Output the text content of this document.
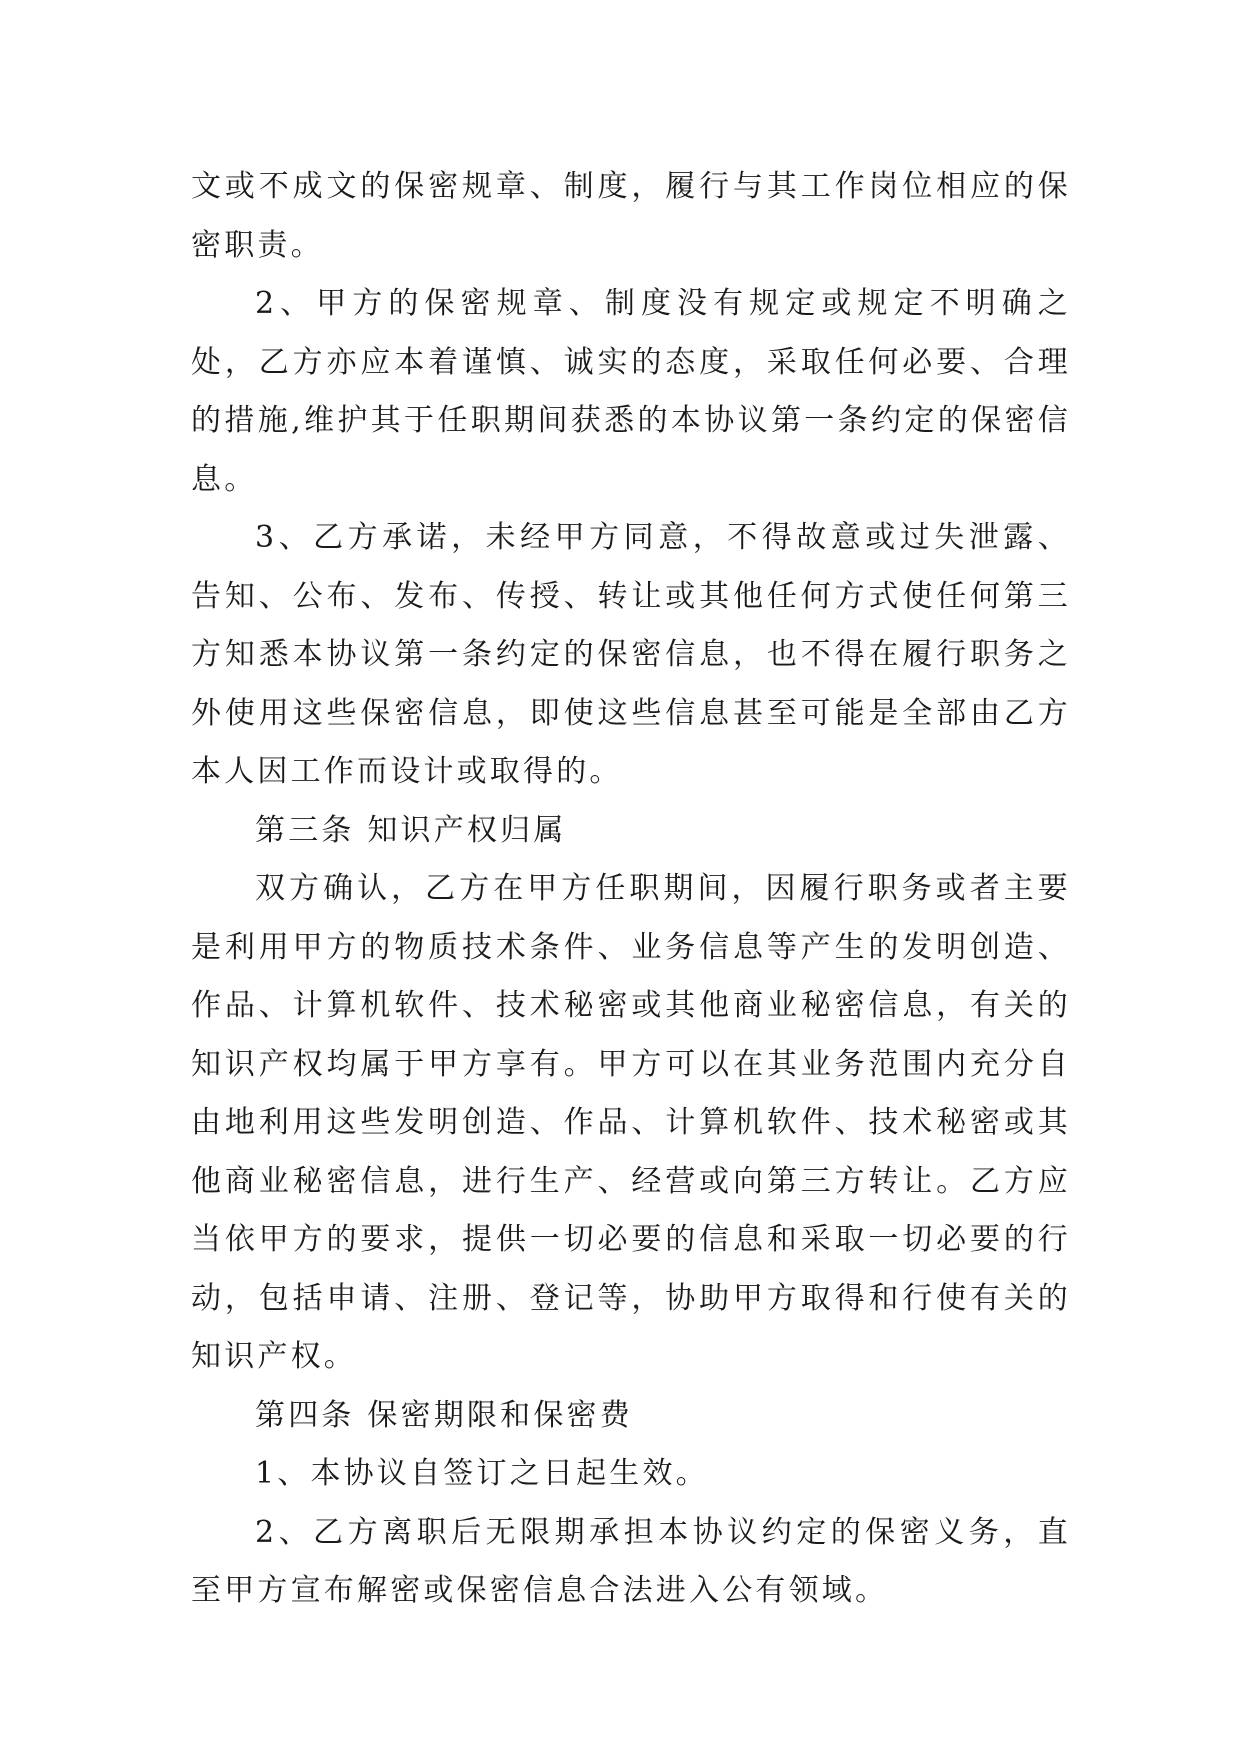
文或不成文的保密规章、制度，履行与其工作岗位相应的保密职责。

2、甲方的保密规章、制度没有规定或规定不明确之处，乙方亦应本着谨慎、诚实的态度，采取任何必要、合理的措施,维护其于任职期间获悉的本协议第一条约定的保密信息。

3、乙方承诺，未经甲方同意，不得故意或过失泄露、告知、公布、发布、传授、转让或其他任何方式使任何第三方知悉本协议第一条约定的保密信息，也不得在履行职务之外使用这些保密信息，即使这些信息甚至可能是全部由乙方本人因工作而设计或取得的。

第三条 知识产权归属

双方确认，乙方在甲方任职期间，因履行职务或者主要是利用甲方的物质技术条件、业务信息等产生的发明创造、作品、计算机软件、技术秘密或其他商业秘密信息，有关的知识产权均属于甲方享有。甲方可以在其业务范围内充分自由地利用这些发明创造、作品、计算机软件、技术秘密或其他商业秘密信息，进行生产、经营或向第三方转让。乙方应当依甲方的要求，提供一切必要的信息和采取一切必要的行动，包括申请、注册、登记等，协助甲方取得和行使有关的知识产权。

第四条 保密期限和保密费

1、本协议自签订之日起生效。

2、乙方离职后无限期承担本协议约定的保密义务，直至甲方宣布解密或保密信息合法进入公有领域。
